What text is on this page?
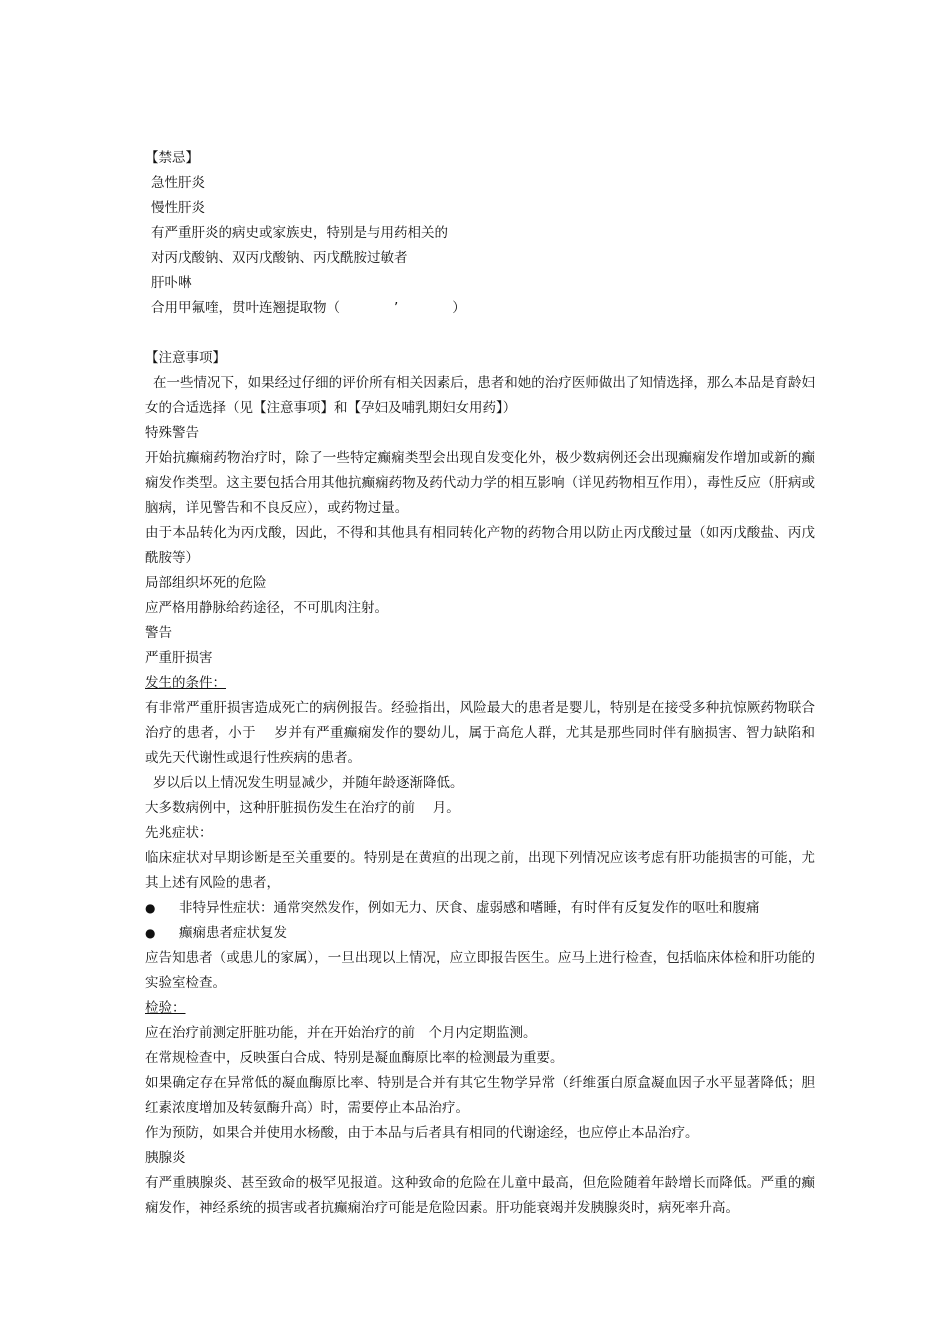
【禁忌】
急性肝炎
慢性肝炎
有严重肝炎的病史或家族史，特别是与用药相关的
对丙戊酸钠、双丙戊酸钠、丙戊酰胺过敏者
肝卟啉
合用甲氟喹，贯叶连翘提取物（　　　　’　　　　）
【注意事项】
在一些情况下，如果经过仔细的评价所有相关因素后，患者和她的治疗医师做出了知情选择，那么本品是育龄妇女的合适选择（见【注意事项】和【孕妇及哺乳期妇女用药】）
特殊警告
开始抗癫痫药物治疗时，除了一些特定癫痫类型会出现自发变化外，极少数病例还会出现癫痫发作增加或新的癫痫发作类型。这主要包括合用其他抗癫痫药物及药代动力学的相互影响（详见药物相互作用），毒性反应（肝病或脑病，详见警告和不良反应），或药物过量。
由于本品转化为丙戊酸，因此，不得和其他具有相同转化产物的药物合用以防止丙戊酸过量（如丙戊酸盐、丙戊酰胺等）
局部组织坏死的危险
应严格用静脉给药途径，不可肌肉注射。
警告
严重肝损害
发生的条件：
有非常严重肝损害造成死亡的病例报告。经验指出，风险最大的患者是婴儿，特别是在接受多种抗惊厥药物联合治疗的患者，小于　 岁并有严重癫痫发作的婴幼儿，属于高危人群，尤其是那些同时伴有脑损害、智力缺陷和　或先天代谢性或退行性疾病的患者。
岁以后以上情况发生明显减少，并随年龄逐渐降低。
大多数病例中，这种肝脏损伤发生在治疗的前　 月。
先兆症状：
临床症状对早期诊断是至关重要的。特别是在黄疸的出现之前，出现下列情况应该考虑有肝功能损害的可能，尤其上述有风险的患者，
●	非特异性症状：通常突然发作，例如无力、厌食、虚弱感和嗜睡，有时伴有反复发作的呕吐和腹痛
●	癫痫患者症状复发
应告知患者（或患儿的家属），一旦出现以上情况，应立即报告医生。应马上进行检查，包括临床体检和肝功能的实验室检查。
检验：
应在治疗前测定肝脏功能，并在开始治疗的前　个月内定期监测。
在常规检查中，反映蛋白合成、特别是凝血酶原比率的检测最为重要。
如果确定存在异常低的凝血酶原比率、特别是合并有其它生物学异常（纤维蛋白原盒凝血因子水平显著降低；胆红素浓度增加及转氨酶升高）时，需要停止本品治疗。
作为预防，如果合并使用水杨酸，由于本品与后者具有相同的代谢途经，也应停止本品治疗。
胰腺炎
有严重胰腺炎、甚至致命的极罕见报道。这种致命的危险在儿童中最高，但危险随着年龄增长而降低。严重的癫痫发作，神经系统的损害或者抗癫痫治疗可能是危险因素。肝功能衰竭并发胰腺炎时，病死率升高。
